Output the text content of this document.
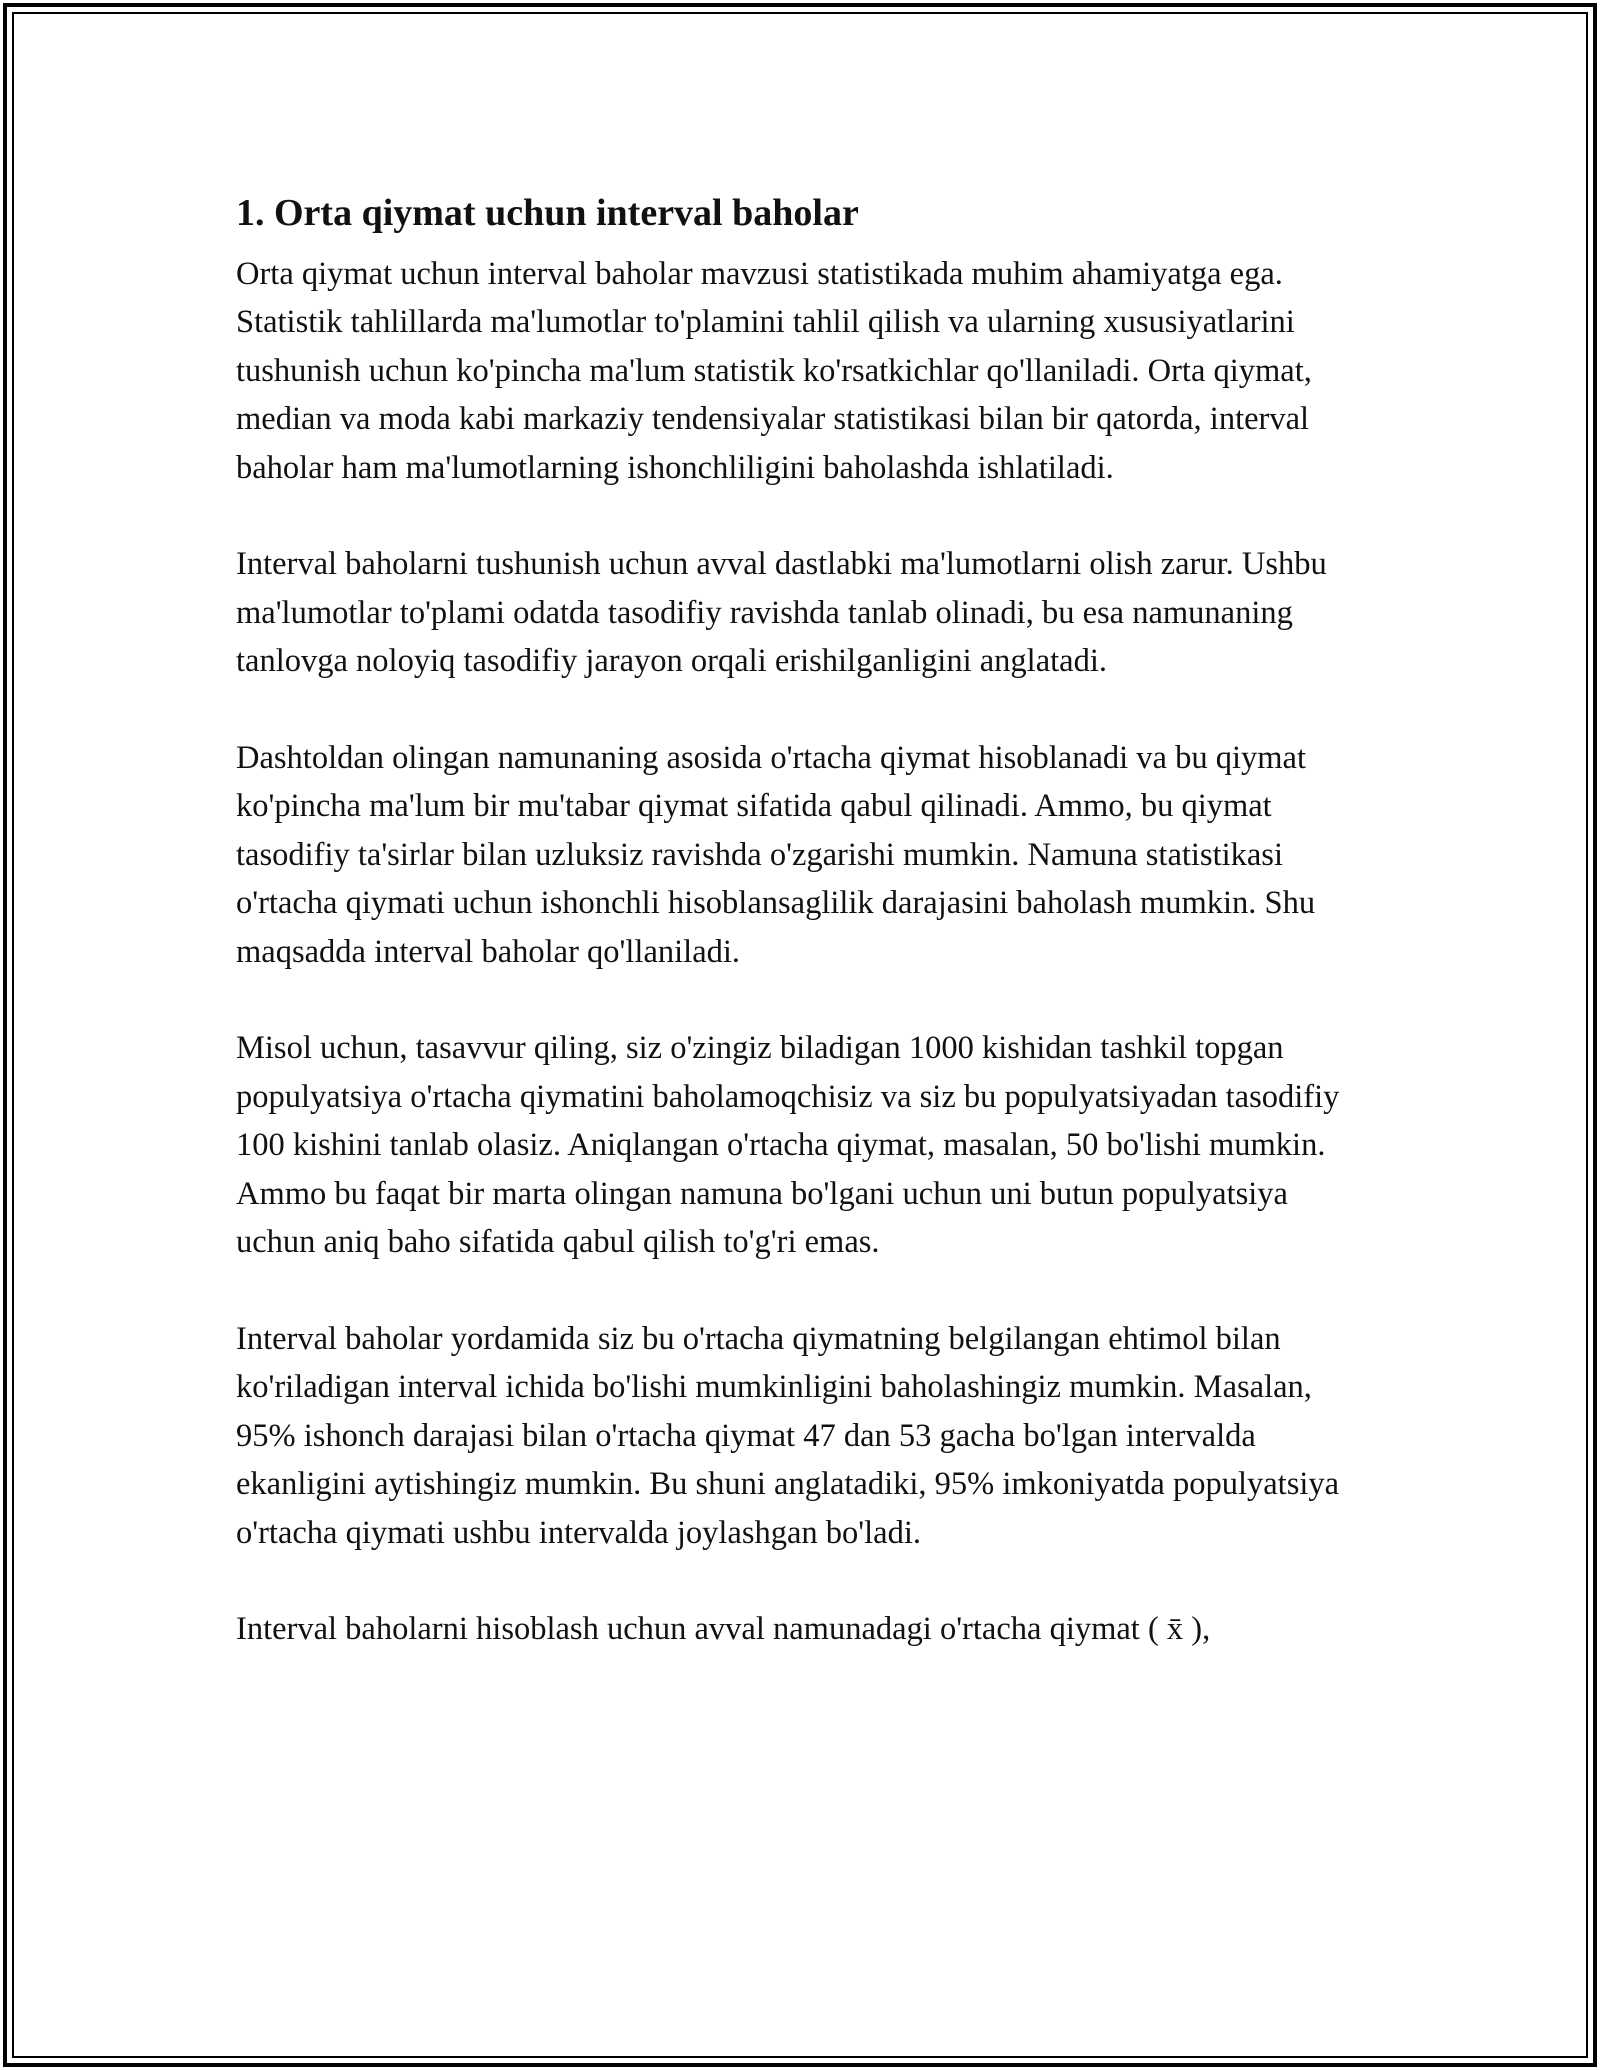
1. Orta qiymat uchun interval baholar

Orta qiymat uchun interval baholar mavzusi statistikada muhim ahamiyatga ega. Statistik tahlillarda ma'lumotlar to'plamini tahlil qilish va ularning xususiyatlarini tushunish uchun ko'pincha ma'lum statistik ko'rsatkichlar qo'llaniladi. Orta qiymat, median va moda kabi markaziy tendensiyalar statistikasi bilan bir qatorda, interval baholar ham ma'lumotlarning ishonchliligini baholashda ishlatiladi.

Interval baholarni tushunish uchun avval dastlabki ma'lumotlarni olish zarur. Ushbu ma'lumotlar to'plami odatda tasodifiy ravishda tanlab olinadi, bu esa namunaning tanlovga noloyiq tasodifiy jarayon orqali erishilganligini anglatadi.

Dashtoldan olingan namunaning asosida o'rtacha qiymat hisoblanadi va bu qiymat ko'pincha ma'lum bir mu'tabar qiymat sifatida qabul qilinadi. Ammo, bu qiymat tasodifiy ta'sirlar bilan uzluksiz ravishda o'zgarishi mumkin. Namuna statistikasi o'rtacha qiymati uchun ishonchli hisoblansaglilik darajasini baholash mumkin. Shu maqsadda interval baholar qo'llaniladi.

Misol uchun, tasavvur qiling, siz o'zingiz biladigan 1000 kishidan tashkil topgan populyatsiya o'rtacha qiymatini baholamoqchisiz va siz bu populyatsiyadan tasodifiy 100 kishini tanlab olasiz. Aniqlangan o'rtacha qiymat, masalan, 50 bo'lishi mumkin. Ammo bu faqat bir marta olingan namuna bo'lgani uchun uni butun populyatsiya uchun aniq baho sifatida qabul qilish to'g'ri emas.

Interval baholar yordamida siz bu o'rtacha qiymatning belgilangan ehtimol bilan ko'riladigan interval ichida bo'lishi mumkinligini baholashingiz mumkin. Masalan, 95% ishonch darajasi bilan o'rtacha qiymat 47 dan 53 gacha bo'lgan intervalda ekanligini aytishingiz mumkin. Bu shuni anglatadiki, 95% imkoniyatda populyatsiya o'rtacha qiymati ushbu intervalda joylashgan bo'ladi.

Interval baholarni hisoblash uchun avval namunadagi o'rtacha qiymat ( x̄ ),
